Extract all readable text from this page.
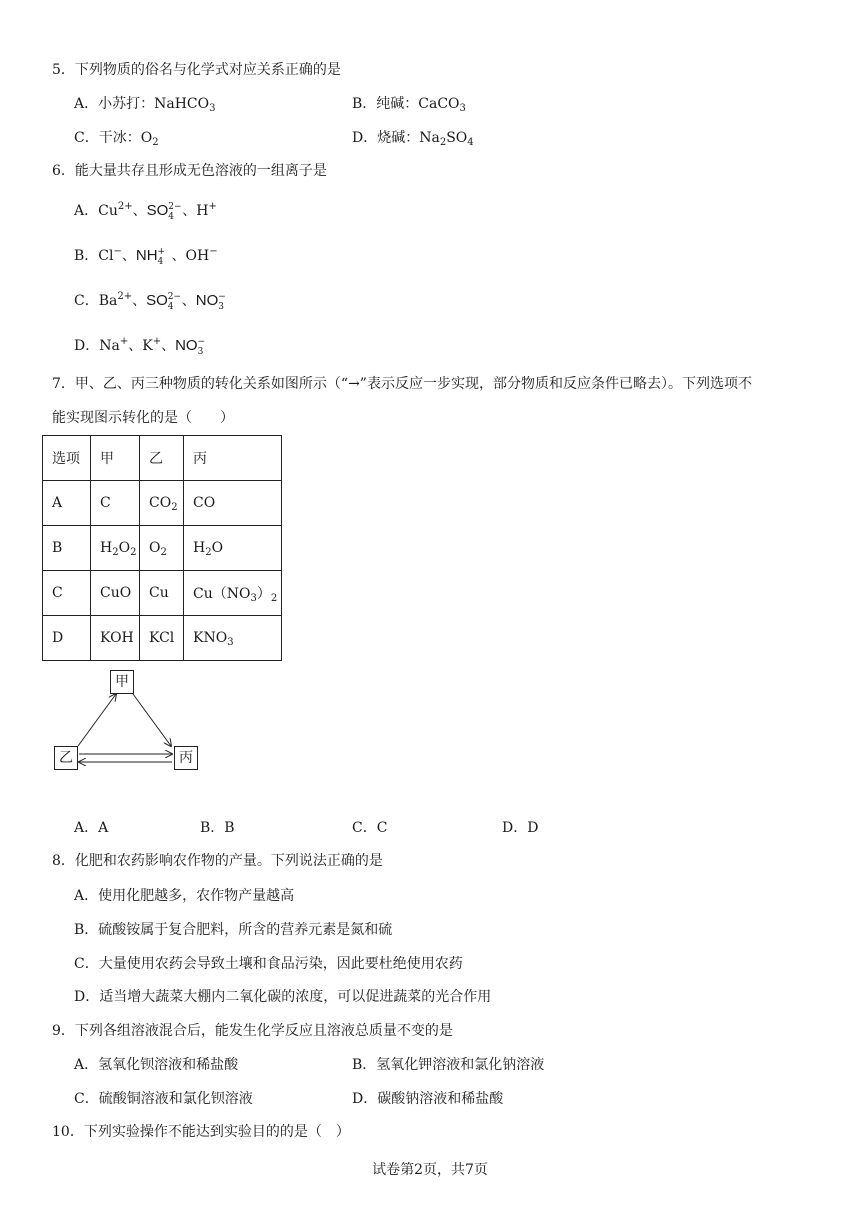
5．下列物质的俗名与化学式对应关系正确的是
A．小苏打：NaHCO$_3$	B．纯碱：CaCO$_3$
C．干冰：$O_2$	D．烧碱：$Na_2SO_4$
6．能大量共存且形成无色溶液的一组离子是
A．$Cu^{2+}$、SO 2−
4 、H+
B．Cl−、NH +
4 、OH−
C．$Ba^{2+}$、SO 2−
4 、NO −
3
D．Na+、K+、NO −
3
7．甲、乙、丙三种物质的转化关系如图所示（“→”表示反应一步实现，部分物质和反应条件已略去）。下列选项不
能实现图示转化的是（　　）
选项	甲	乙	丙
A	C	$CO_2$	CO
B	$H_2O_2$	$O_2$	$H_2O$
C	CuO	Cu	$Cu(NO_3)_2$
D	KOH	KCl	$KNO_3$
甲
乙	丙
A．A	B．B	C．C	D．D
8．化肥和农药影响农作物的产量。下列说法正确的是
A．使用化肥越多，农作物产量越高
B．硫酸铵属于复合肥料，所含的营养元素是氮和硫
C．大量使用农药会导致土壤和食品污染，因此要杜绝使用农药
D．适当增大蔬菜大棚内二氧化碳的浓度，可以促进蔬菜的光合作用
9．下列各组溶液混合后，能发生化学反应且溶液总质量不变的是
A．氢氧化钡溶液和稀盐酸	B．氢氧化钾溶液和氯化钠溶液
C．硫酸铜溶液和氯化钡溶液	D．碳酸钠溶液和稀盐酸
10．下列实验操作不能达到实验目的的是（　）
试卷第2页，共7页
